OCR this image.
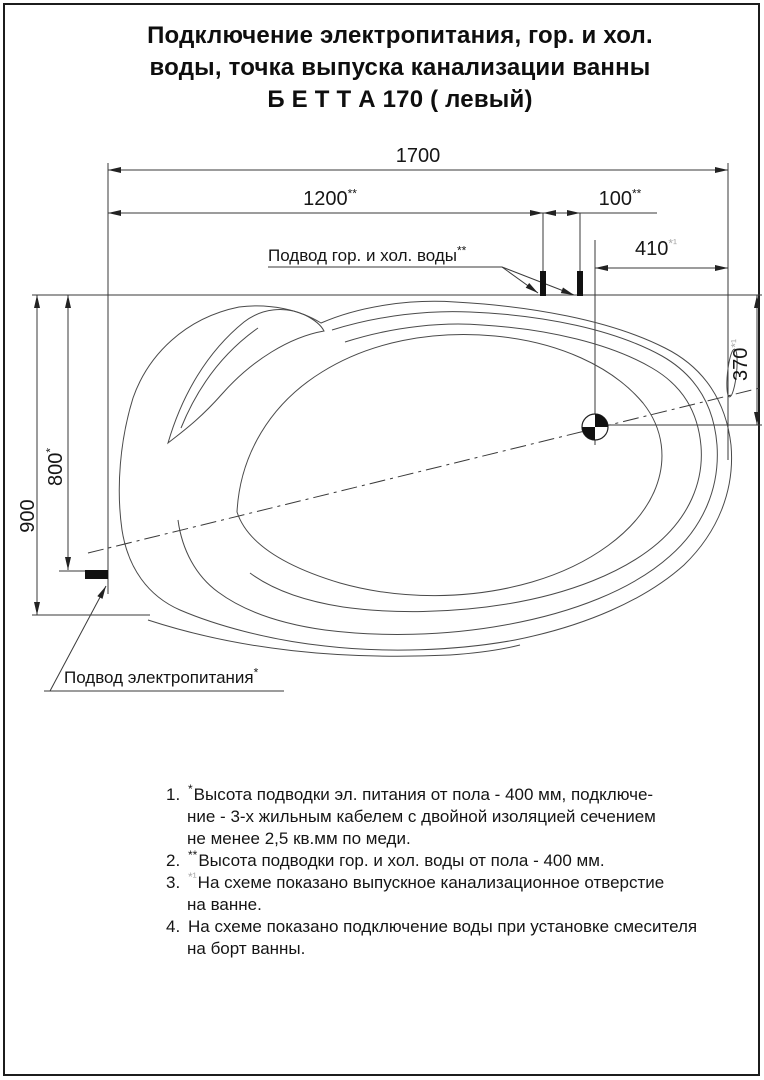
Подключение электропитания, гор. и хол.
воды, точка выпуска канализации ванны
Б Е Т Т А 170 ( левый)
1700
1200**	100**
$410^{*^1}$
$370^{*^1}$
900
800*
Подвод гор. и хол. воды**
Подвод электропитания*
1. *Высота подводки эл. питания от пола - 400 мм, подключе-
ние - 3-х жильным кабелем с двойной изоляцией сечением
не менее 2,5 кв.мм по меди.
2. **Высота подводки гор. и хол. воды от пола - 400 мм.
3. $^{*^1}$На схеме показано выпускное канализационное отверстие
на ванне.
4. На схеме показано подключение воды при установке смесителя
на борт ванны.
